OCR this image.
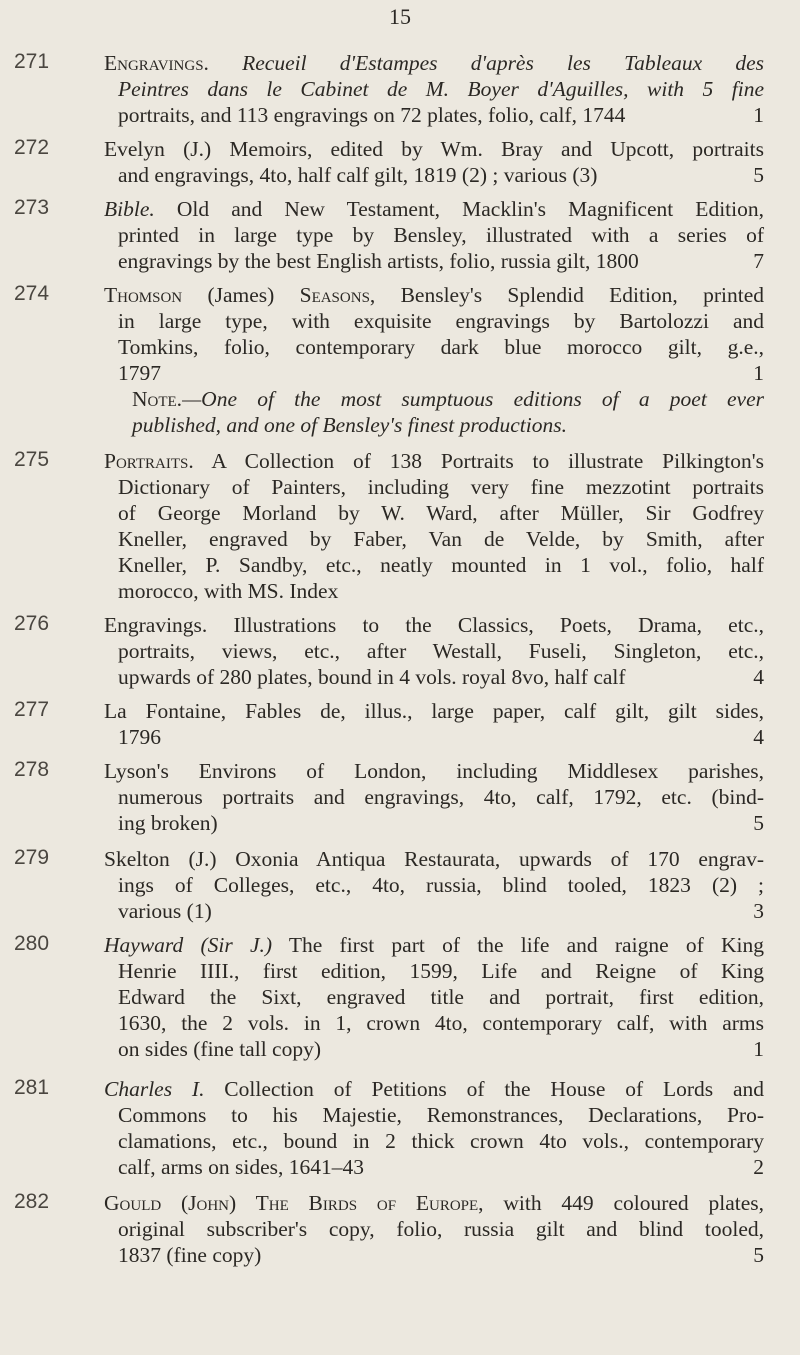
15
271	Engravings. Recueil d'Estampes d'après les Tableaux des
Peintres dans le Cabinet de M. Boyer d'Aguilles, with 5 fine
portraits, and 113 engravings on 72 plates, folio, calf, 1744	1
272	Evelyn (J.) Memoirs, edited by Wm. Bray and Upcott, portraits
and engravings, 4to, half calf gilt, 1819 (2) ; various (3)	5
273	Bible. Old and New Testament, Macklin's Magnificent Edition,
printed in large type by Bensley, illustrated with a series of
engravings by the best English artists, folio, russia gilt, 1800	7
274	Thomson (James) Seasons, Bensley's Splendid Edition, printed
in large type, with exquisite engravings by Bartolozzi and
Tomkins, folio, contemporary dark blue morocco gilt, g.e.,
1797	1
Note.—One of the most sumptuous editions of a poet ever
published, and one of Bensley's finest productions.
275	Portraits. A Collection of 138 Portraits to illustrate Pilkington's
Dictionary of Painters, including very fine mezzotint portraits
of George Morland by W. Ward, after Müller, Sir Godfrey
Kneller, engraved by Faber, Van de Velde, by Smith, after
Kneller, P. Sandby, etc., neatly mounted in 1 vol., folio, half
morocco, with MS. Index
276	Engravings. Illustrations to the Classics, Poets, Drama, etc.,
portraits, views, etc., after Westall, Fuseli, Singleton, etc.,
upwards of 280 plates, bound in 4 vols. royal 8vo, half calf	4
277	La Fontaine, Fables de, illus., large paper, calf gilt, gilt sides,
1796	4
278	Lyson's Environs of London, including Middlesex parishes,
numerous portraits and engravings, 4to, calf, 1792, etc. (bind-
ing broken)	5
279	Skelton (J.) Oxonia Antiqua Restaurata, upwards of 170 engrav-
ings of Colleges, etc., 4to, russia, blind tooled, 1823 (2) ;
various (1)	3
280	Hayward (Sir J.) The first part of the life and raigne of King
Henrie IIII., first edition, 1599, Life and Reigne of King
Edward the Sixt, engraved title and portrait, first edition,
1630, the 2 vols. in 1, crown 4to, contemporary calf, with arms
on sides (fine tall copy)	1
281	Charles I. Collection of Petitions of the House of Lords and
Commons to his Majestie, Remonstrances, Declarations, Pro-
clamations, etc., bound in 2 thick crown 4to vols., contemporary
calf, arms on sides, 1641–43	2
282	Gould (John) The Birds of Europe, with 449 coloured plates,
original subscriber's copy, folio, russia gilt and blind tooled,
1837 (fine copy)	5
